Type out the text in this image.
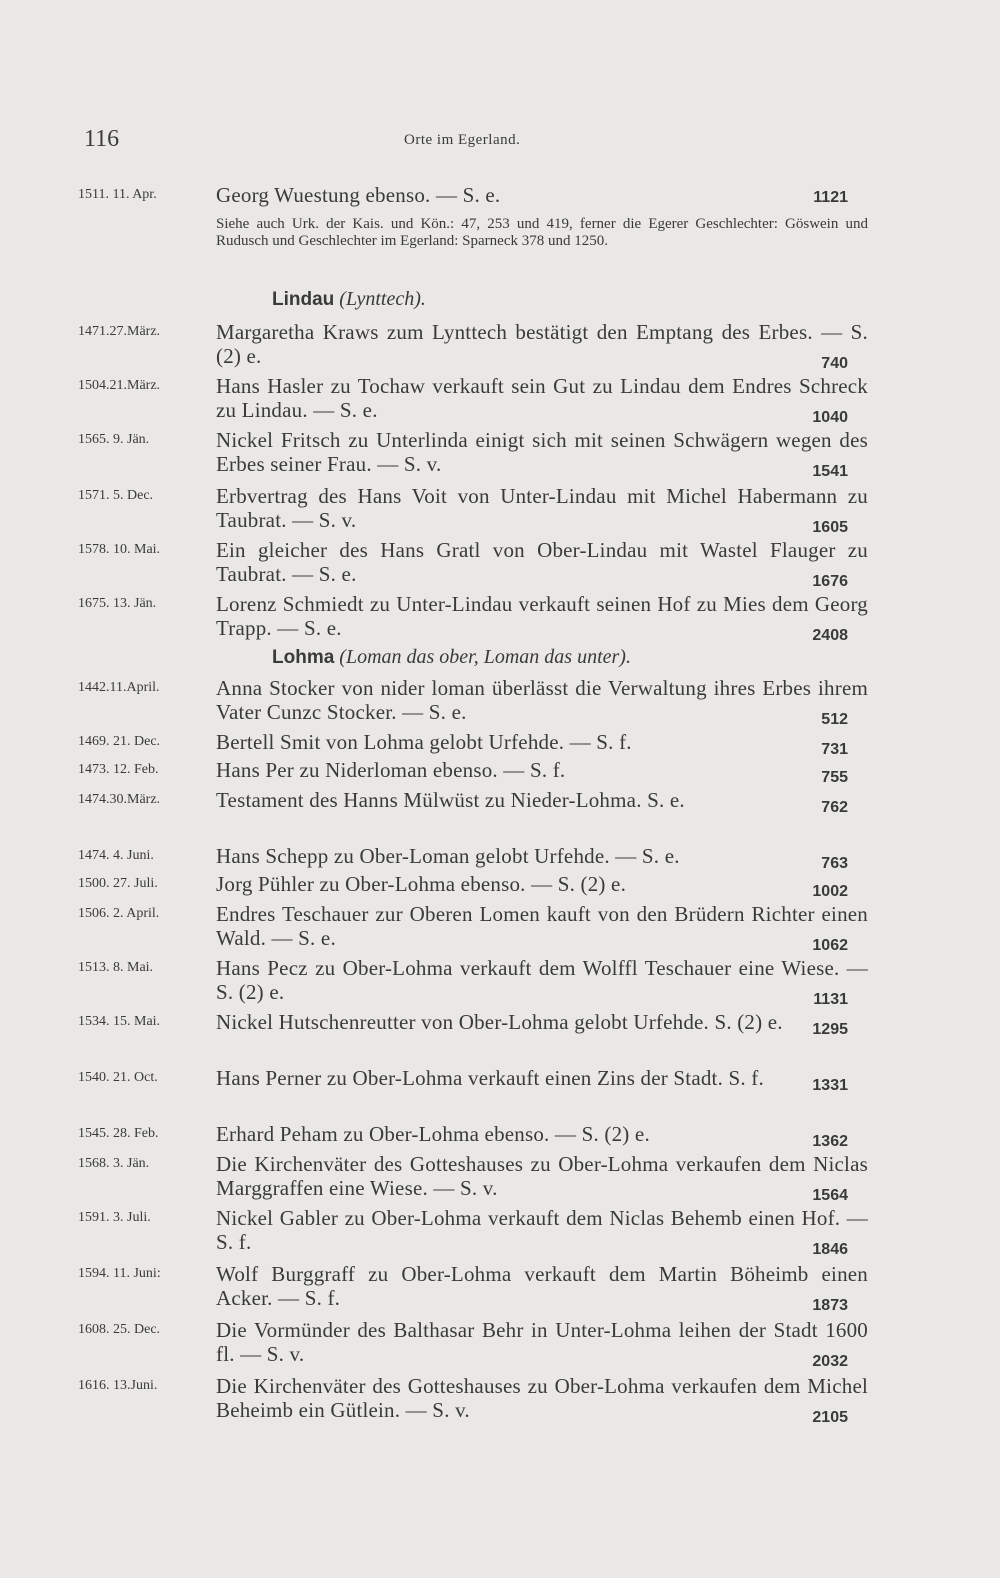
116	Orte im Egerland.
1511. 11. Apr.	Georg Wuestung ebenso. — S. e.	1121
Siehe auch Urk. der Kais. und Kön.: 47, 253 und 419, ferner die Egerer Geschlechter: Göswein und Rudusch und Geschlechter im Egerland: Sparneck 378 und 1250.
Lindau (Lynttech).
1471.27.März.	Margaretha Kraws zum Lynttech bestätigt den Emptang des Erbes. — S. (2) e.	740
1504.21.März.	Hans Hasler zu Tochaw verkauft sein Gut zu Lindau dem Endres Schreck zu Lindau. — S. e.	1040
1565. 9. Jän.	Nickel Fritsch zu Unterlinda einigt sich mit seinen Schwägern wegen des Erbes seiner Frau. — S. v.	1541
1571. 5. Dec.	Erbvertrag des Hans Voit von Unter-Lindau mit Michel Habermann zu Taubrat. — S. v.	1605
1578. 10. Mai.	Ein gleicher des Hans Gratl von Ober-Lindau mit Wastel Flauger zu Taubrat. — S. e.	1676
1675. 13. Jän.	Lorenz Schmiedt zu Unter-Lindau verkauft seinen Hof zu Mies dem Georg Trapp. — S. e.	2408
Lohma (Loman das ober, Loman das unter).
1442.11.April.	Anna Stocker von nider loman überlässt die Verwaltung ihres Erbes ihrem Vater Cunzc Stocker. — S. e.	512
1469. 21. Dec.	Bertell Smit von Lohma gelobt Urfehde. — S. f.	731
1473. 12. Feb.	Hans Per zu Niderloman ebenso. — S. f.	755
1474.30.März.	Testament des Hanns Mülwüst zu Nieder-Lohma. S. e.	762
1474. 4. Juni.	Hans Schepp zu Ober-Loman gelobt Urfehde. — S. e.	763
1500. 27. Juli.	Jorg Pühler zu Ober-Lohma ebenso. — S. (2) e.	1002
1506. 2. April.	Endres Teschauer zur Oberen Lomen kauft von den Brüdern Richter einen Wald. — S. e.	1062
1513. 8. Mai.	Hans Pecz zu Ober-Lohma verkauft dem Wolffl Teschauer eine Wiese. — S. (2) e.	1131
1534. 15. Mai.	Nickel Hutschenreutter von Ober-Lohma gelobt Urfehde. S. (2) e.	1295
1540. 21. Oct.	Hans Perner zu Ober-Lohma verkauft einen Zins der Stadt. S. f.	1331
1545. 28. Feb.	Erhard Peham zu Ober-Lohma ebenso. — S. (2) e.	1362
1568. 3. Jän.	Die Kirchenväter des Gotteshauses zu Ober-Lohma verkaufen dem Niclas Marggraffen eine Wiese. — S. v.	1564
1591. 3. Juli.	Nickel Gabler zu Ober-Lohma verkauft dem Niclas Behemb einen Hof. — S. f.	1846
1594. 11. Juni:	Wolf Burggraff zu Ober-Lohma verkauft dem Martin Böheimb einen Acker. — S. f.	1873
1608. 25. Dec.	Die Vormünder des Balthasar Behr in Unter-Lohma leihen der Stadt 1600 fl. — S. v.	2032
1616. 13.Juni.	Die Kirchenväter des Gotteshauses zu Ober-Lohma verkaufen dem Michel Beheimb ein Gütlein. — S. v.	2105
